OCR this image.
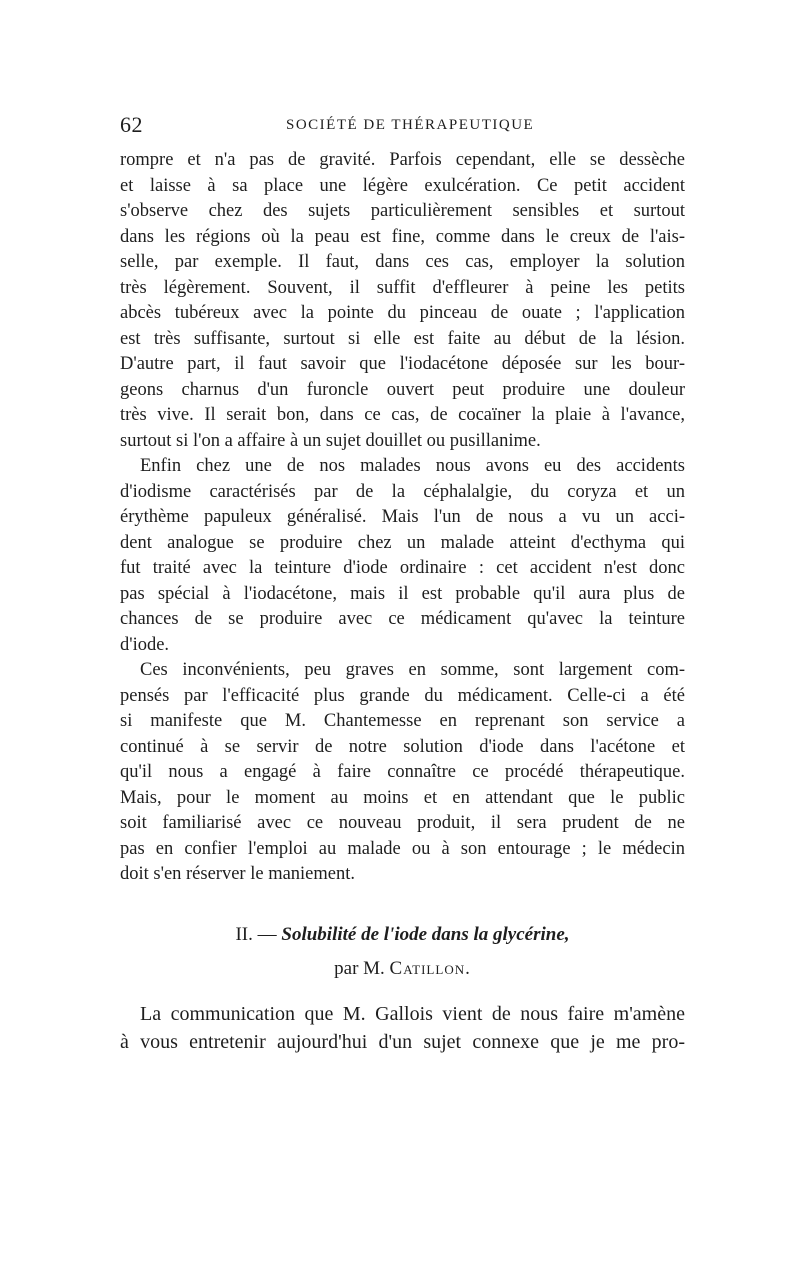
62	SOCIÉTÉ DE THÉRAPEUTIQUE
rompre et n'a pas de gravité. Parfois cependant, elle se dessèche
et laisse à sa place une légère exulcération. Ce petit accident
s'observe chez des sujets particulièrement sensibles et surtout
dans les régions où la peau est fine, comme dans le creux de l'ais-
selle, par exemple. Il faut, dans ces cas, employer la solution
très légèrement. Souvent, il suffit d'effleurer à peine les petits
abcès tubéreux avec la pointe du pinceau de ouate ; l'application
est très suffisante, surtout si elle est faite au début de la lésion.
D'autre part, il faut savoir que l'iodacétone déposée sur les bour-
geons charnus d'un furoncle ouvert peut produire une douleur
très vive. Il serait bon, dans ce cas, de cocaïner la plaie à l'avance,
surtout si l'on a affaire à un sujet douillet ou pusillanime.
Enfin chez une de nos malades nous avons eu des accidents
d'iodisme caractérisés par de la céphalalgie, du coryza et un
érythème papuleux généralisé. Mais l'un de nous a vu un acci-
dent analogue se produire chez un malade atteint d'ecthyma qui
fut traité avec la teinture d'iode ordinaire : cet accident n'est donc
pas spécial à l'iodacétone, mais il est probable qu'il aura plus de
chances de se produire avec ce médicament qu'avec la teinture
d'iode.
Ces inconvénients, peu graves en somme, sont largement com-
pensés par l'efficacité plus grande du médicament. Celle-ci a été
si manifeste que M. Chantemesse en reprenant son service a
continué à se servir de notre solution d'iode dans l'acétone et
qu'il nous a engagé à faire connaître ce procédé thérapeutique.
Mais, pour le moment au moins et en attendant que le public
soit familiarisé avec ce nouveau produit, il sera prudent de ne
pas en confier l'emploi au malade ou à son entourage ; le médecin
doit s'en réserver le maniement.
II. — Solubilité de l'iode dans la glycérine,
par M. Catillon.
La communication que M. Gallois vient de nous faire m'amène
à vous entretenir aujourd'hui d'un sujet connexe que je me pro-
